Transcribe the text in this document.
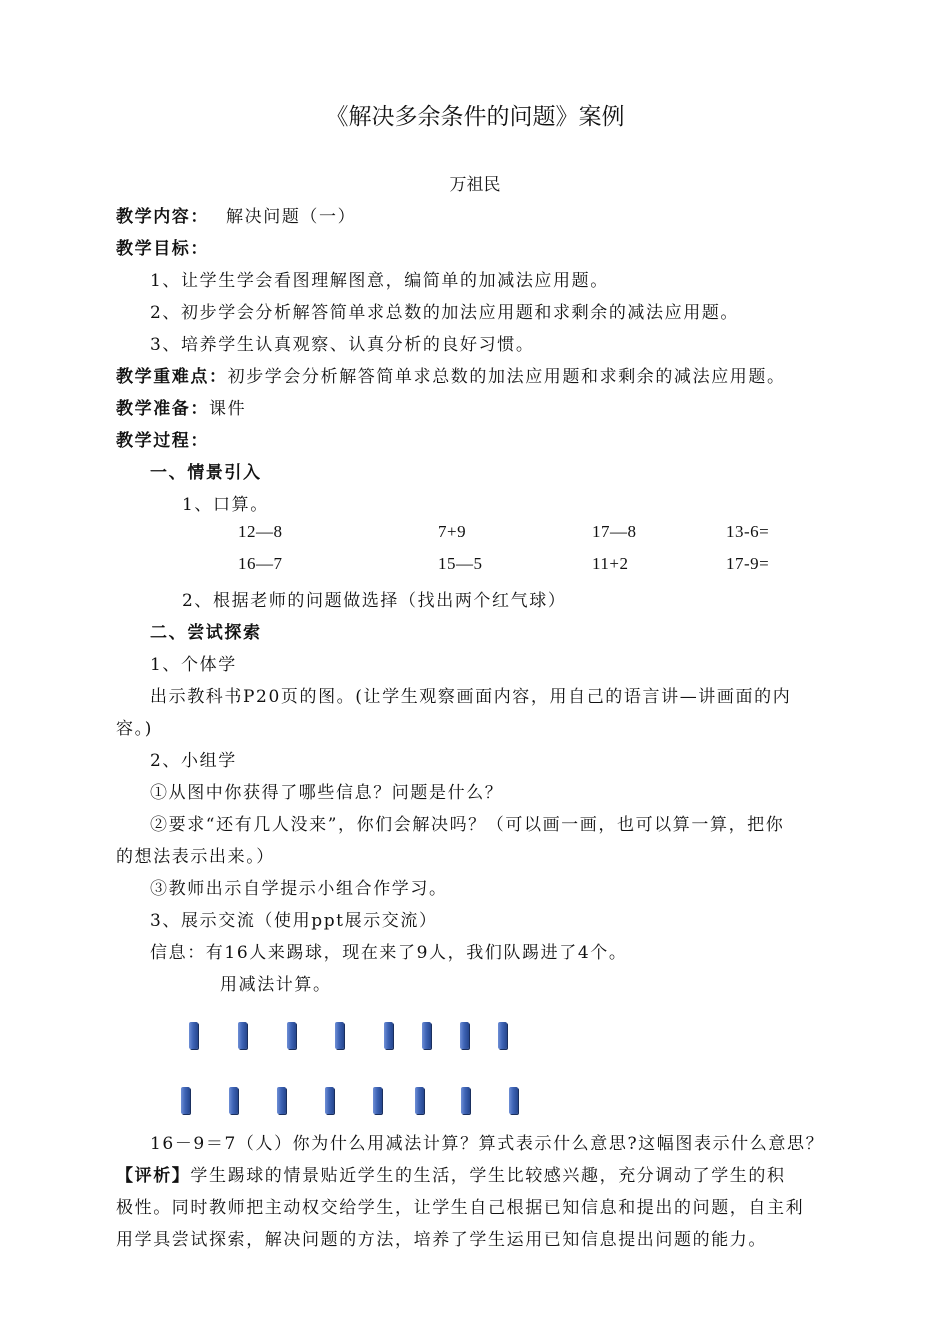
《解决多余条件的问题》案例
万祖民
教学内容： 解决问题（一）
教学目标：
1、让学生学会看图理解图意，编简单的加减法应用题。
2、初步学会分析解答简单求总数的加法应用题和求剩余的减法应用题。
3、培养学生认真观察、认真分析的良好习惯。
教学重难点：初步学会分析解答简单求总数的加法应用题和求剩余的减法应用题。
教学准备：课件
教学过程：
一、情景引入
1、口算。
12—8	7+9	17—8	13-6=
16—7	15—5	11+2	17-9=
2、根据老师的问题做选择（找出两个红气球）
二、尝试探索
1、个体学
出示教科书P20页的图。(让学生观察画面内容，用自己的语言讲—讲画面的内
容。)
2、小组学
①从图中你获得了哪些信息？问题是什么？
②要求“还有几人没来”，你们会解决吗？（可以画一画，也可以算一算，把你
的想法表示出来。）
③教师出示自学提示小组合作学习。
3、展示交流（使用ppt展示交流）
信息：有16人来踢球，现在来了9人，我们队踢进了4个。
用减法计算。
16－9＝7（人）你为什么用减法计算？算式表示什么意思?这幅图表示什么意思？
【评析】学生踢球的情景贴近学生的生活，学生比较感兴趣，充分调动了学生的积
极性。同时教师把主动权交给学生，让学生自己根据已知信息和提出的问题，自主利
用学具尝试探索，解决问题的方法，培养了学生运用已知信息提出问题的能力。
